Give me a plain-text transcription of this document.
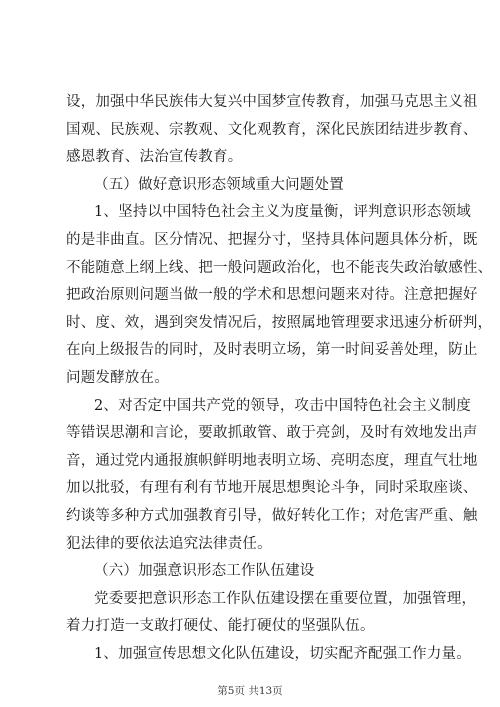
设，加强中华民族伟大复兴中国梦宣传教育，加强马克思主义祖
国观、民族观、宗教观、文化观教育，深化民族团结进步教育、
感恩教育、法治宣传教育。
（五）做好意识形态领域重大问题处置
1、坚持以中国特色社会主义为度量衡，评判意识形态领域
的是非曲直。区分情况、把握分寸，坚持具体问题具体分析，既
不能随意上纲上线、把一般问题政治化，也不能丧失政治敏感性、
把政治原则问题当做一般的学术和思想问题来对待。注意把握好
时、度、效，遇到突发情况后，按照属地管理要求迅速分析研判，
在向上级报告的同时，及时表明立场，第一时间妥善处理，防止
问题发酵放在。
2、对否定中国共产党的领导，攻击中国特色社会主义制度
等错误思潮和言论，要敢抓敢管、敢于亮剑，及时有效地发出声
音，通过党内通报旗帜鲜明地表明立场、亮明态度，理直气壮地
加以批驳，有理有利有节地开展思想舆论斗争，同时采取座谈、
约谈等多种方式加强教育引导，做好转化工作；对危害严重、触
犯法律的要依法追究法律责任。
（六）加强意识形态工作队伍建设
党委要把意识形态工作队伍建设摆在重要位置，加强管理，
着力打造一支敢打硬仗、能打硬仗的坚强队伍。
1、加强宣传思想文化队伍建设，切实配齐配强工作力量。
第5页 共13页
